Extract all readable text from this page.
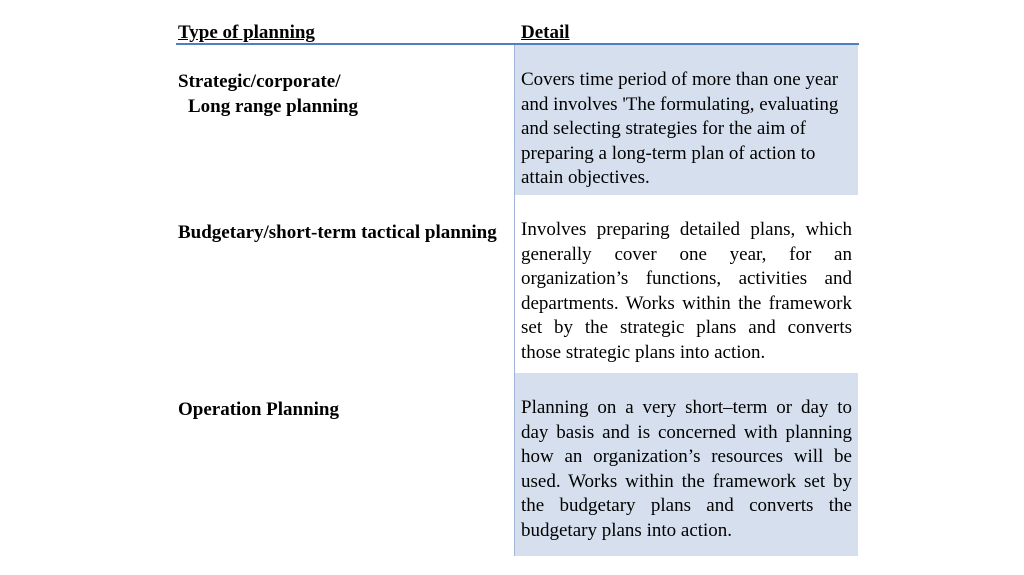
Type of planning	Detail
Strategic/corporate/
Long range planning
Covers time period of more than one year and involves 'The formulating, evaluating and selecting strategies for the aim of preparing a long-term plan of action to attain objectives.
Budgetary/short-term tactical planning Involves preparing detailed plans, which generally cover one year, for an organization’s functions, activities and departments. Works within the framework set by the strategic plans and converts those strategic plans into action.
Operation Planning	Planning on a very short–term or day to day basis and is concerned with planning how an organization’s resources will be used. Works within the framework set by the budgetary plans and converts the budgetary plans into action.
